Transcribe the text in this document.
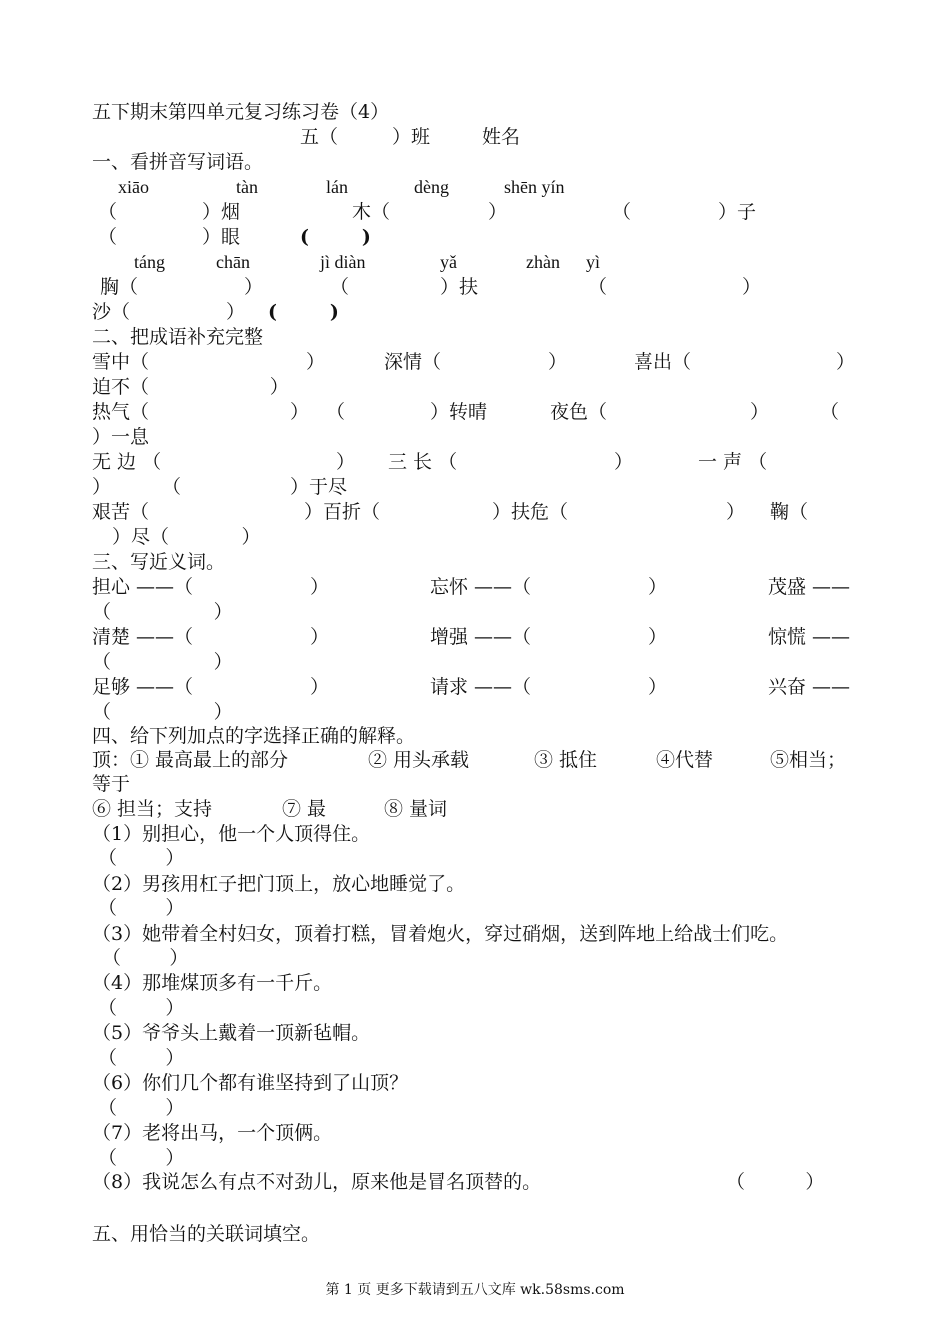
五下期末第四单元复习练习卷（4）
五（	）班	姓名
一、看拼音写词语。
xiāo	tàn	lán	dèng	shēn yín
（	）烟	木（	）	（	）子
（	）眼	(        )
táng	chān	jì diàn	yǎ	zhàn yì
胸（	）	（	）扶	（	）
沙（	） (        )
二、把成语补充完整
雪中（	）	深情（	）	喜出（	）
迫不（                    ）
热气（	） （	）转晴	夜色（	）	（
）一息
无 边 （	） 三 长 （	）	一 声 （
）	（	）于尽
艰苦（	）百折（	）扶危（	） 鞠（
）尽（            ）
三、写近义词。
担心 ——（	）	忘怀 ——（	）	茂盛 ——
（                 ）
清楚 ——（	）	增强 ——（	）	惊慌 ——
（                 ）
足够 ——（	）	请求 ——（	）	兴奋 ——
（                 ）
四、给下列加点的字选择正确的解释。
顶：① 最高最上的部分	② 用头承载	③ 抵住	④代替	⑤相当；
等于
⑥ 担当；支持	⑦ 最	⑧ 量词
（1）别担心，他一个人顶得住。
（        ）
（2）男孩用杠子把门顶上，放心地睡觉了。
（        ）
（3）她带着全村妇女，顶着打糕，冒着炮火，穿过硝烟，送到阵地上给战士们吃。
（        ）
（4）那堆煤顶多有一千斤。
（        ）
（5）爷爷头上戴着一顶新毡帽。
（        ）
（6）你们几个都有谁坚持到了山顶？
（        ）
（7）老将出马，一个顶俩。
（        ）
（8）我说怎么有点不对劲儿，原来他是冒名顶替的。	（          ）
五、用恰当的关联词填空。
第 1 页 更多下载请到五八文库 wk.58sms.com
